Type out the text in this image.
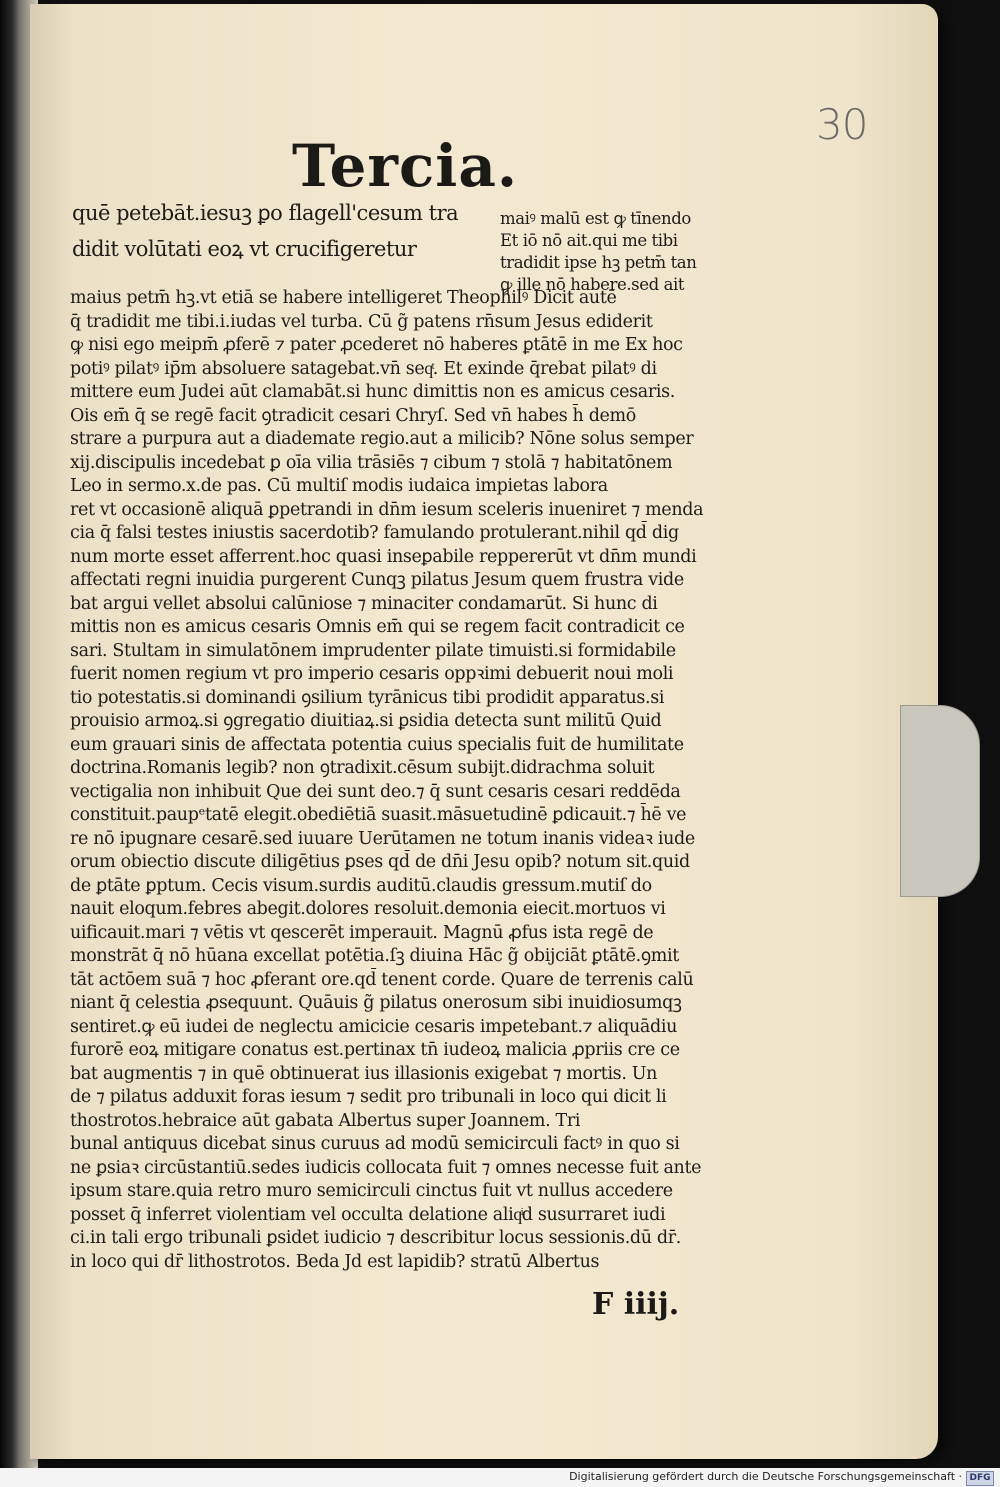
30
Tercia.
F iiij.
quē petebāt.iesuꝫ ꝑo flagell'cesum tra
didit volūtati eoꝝ vt crucifigeretur
maiꝰ malū est ꝙ tīnendo
Et iō nō ait.qui me tibi
tradidit ipse hꝫ petm̄ tan
ꝙ ille nō habere.sed ait
maius petm̄ hꝫ.vt etiā se habere intelligeret Theophilꝰ Dicit autē
q̄ tradidit me tibi.i.iudas vel turba. Cū g̃ patens rn̄sum Jesus ediderit
ꝙ nisi ego meipm̄ ꝓferē ⁊ pater ꝓcederet nō haberes ꝑtātē in me Ex hoc
potiꝰ pilatꝰ ip̄m absoluere satagebat.vn̄ seqͭ. Et exinde q̄rebat pilatꝰ di
mittere eum Judei aūt clamabāt.si hunc dimittis non es amicus cesaris.
Ois em̄ q̄ se regē facit ꝯtradicit cesari Chryſ. Sed vn̄ habes h̄ demō
strare a purpura aut a diademate regio.aut a milicib? Nōne solus semper
xij.discipulis incedebat ꝑ oīa vilia trāsiēs ⁊ cibum ⁊ stolā ⁊ habitatōnem
Leo in sermo.x.de pas. Cū multiſ modis iudaica impietas labora
ret vt occasionē aliquā ꝑpetrandi in dn̄m iesum sceleris inueniret ⁊ menda
cia q̄ falsi testes iniustis sacerdotib? famulando protulerant.nihil qd̄ dig
num morte esset afferrent.hoc quasi inseꝑabile reppererūt vt dn̄m mundi
affectati regni inuidia purgerent Cunqꝫ pilatus Jesum quem frustra vide
bat argui vellet absolui calūniose ⁊ minaciter condamarūt. Si hunc di
mittis non es amicus cesaris Omnis em̄ qui se regem facit contradicit ce
sari. Stultam in simulatōnem imprudenter pilate timuisti.si formidabile
fuerit nomen regium vt pro imperio cesaris oppꝛimi debuerit noui moli
tio potestatis.si dominandi ꝯsilium tyrānicus tibi prodidit apparatus.si
prouisio armoꝝ.si ꝯgregatio diuitiaꝝ.si ꝑsidia detecta sunt militū Quid
eum grauari sinis de affectata potentia cuius specialis fuit de humilitate
doctrina.Romanis legib? non ꝯtradixit.cēsum subijt.didrachma soluit
vectigalia non inhibuit Que dei sunt deo.⁊ q̄ sunt cesaris cesari reddēda
constituit.paupᵉtatē elegit.obediētiā suasit.māsuetudinē ꝑdicauit.⁊ h̄ē ve
re nō ipugnare cesarē.sed iuuare Uerūtamen ne totum inanis videaꝛ iude
orum obiectio discute diligētius ꝑses qd̄ de dn̄i Jesu opib? notum sit.quid
de ꝑtāte ꝑptum. Cecis visum.surdis auditū.claudis gressum.mutiſ do
nauit eloqum.febres abegit.dolores resoluit.demonia eiecit.mortuos vi
uificauit.mari ⁊ vētis vt qescerēt imperauit. Magnū ꝓfus ista regē de
monstrāt q̄ nō hūana excellat potētia.ſꝫ diuina Hāc g̃ obijciāt ꝑtātē.ꝯmit
tāt actōem suā ⁊ hoc ꝓferant ore.qd̄ tenent corde. Quare de terrenis calū
niant q̄ celestia ꝓsequunt. Quāuis g̃ pilatus onerosum sibi inuidiosumqꝫ
sentiret.ꝙ eū iudei de neglectu amicicie cesaris impetebant.⁊ aliquādiu
furorē eoꝝ mitigare conatus est.pertinax tn̄ iudeoꝝ malicia ꝓpriis cre ce
bat augmentis ⁊ in quē obtinuerat ius illasionis exigebat ⁊ mortis. Un
de ⁊ pilatus adduxit foras iesum ⁊ sedit pro tribunali in loco qui dicit li
thostrotos.hebraice aūt gabata Albertus super Joannem. Tri
bunal antiquus dicebat sinus curuus ad modū semicirculi factꝰ in quo si
ne ꝑsiaꝛ circūstantiū.sedes iudicis collocata fuit ⁊ omnes necesse fuit ante
ipsum stare.quia retro muro semicirculi cinctus fuit vt nullus accedere
posset q̄ inferret violentiam vel occulta delatione aliqͥd susurraret iudi
ci.in tali ergo tribunali ꝑsidet iudicio ⁊ describitur locus sessionis.dū dr̄.
in loco qui dr̄ lithostrotos. Beda Jd est lapidib? stratū Albertus
Digitalisierung gefördert durch die Deutsche Forschungsgemeinschaft · DFG
